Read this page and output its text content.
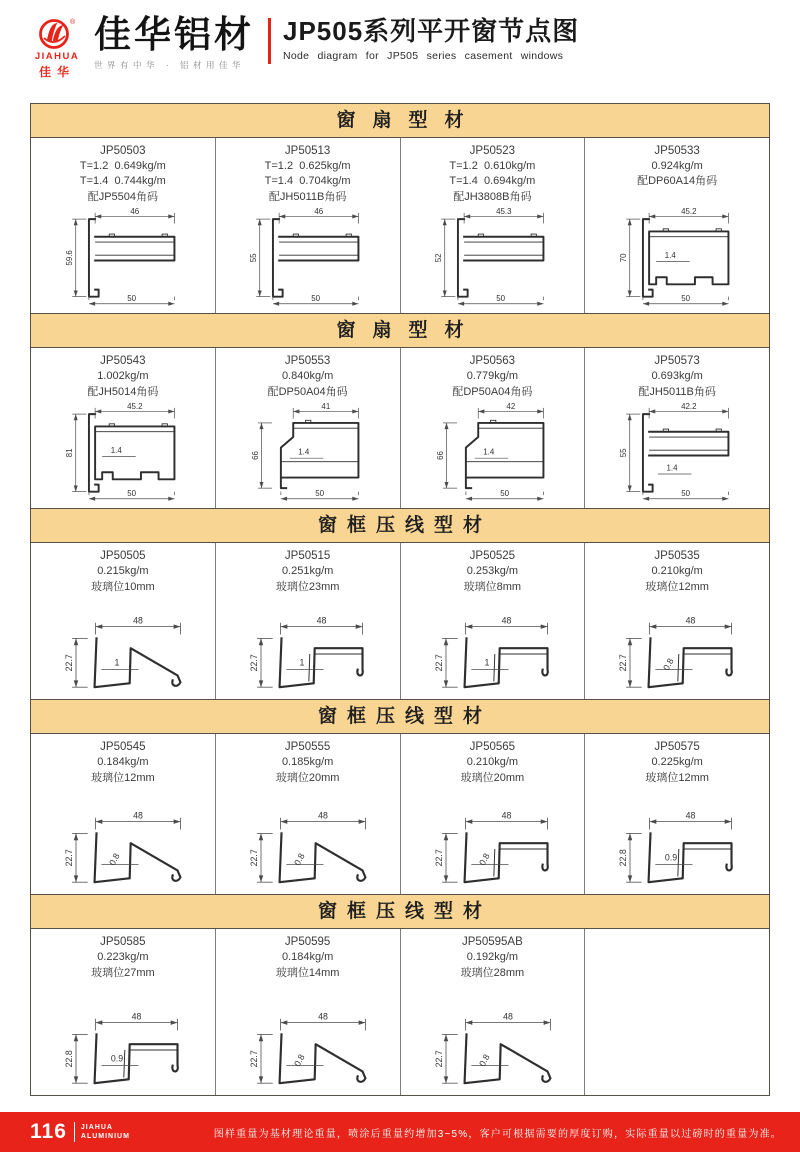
®
JIAHUA
佳华
佳华铝材
世界有中华 · 铝材用佳华
JP505系列平开窗节点图
Node diagram for JP505 series casement windows
窗扇型材
JP50503
T=1.2  0.649kg/m
T=1.4  0.744kg/m
配JP5504角码
46
59.6
50
JP50513
T=1.2  0.625kg/m
T=1.4  0.704kg/m
配JH5011B角码
46
55
50
JP50523
T=1.2  0.610kg/m
T=1.4  0.694kg/m
配JH3808B角码
45.3
52
50
JP50533
0.924kg/m
配DP60A14角码
45.2
70
50
1.4
窗扇型材
JP50543
1.002kg/m
配JH5014角码
45.2
81
50
1.4
JP50553
0.840kg/m
配DP50A04角码
41
66
50
1.4
JP50563
0.779kg/m
配DP50A04角码
42
66
50
1.4
JP50573
0.693kg/m
配JH5011B角码
42.2
55
50
1.4
窗框压线型材
JP50505
0.215kg/m
玻璃位10mm
48
22.7	1
JP50515
0.251kg/m
玻璃位23mm
48
22.7	1
JP50525
0.253kg/m
玻璃位8mm
48
22.7	1
JP50535
0.210kg/m
玻璃位12mm
48
22.7	0.8
窗框压线型材
JP50545
0.184kg/m
玻璃位12mm
48
22.7	0.8
JP50555
0.185kg/m
玻璃位20mm
48
22.7	0.8
JP50565
0.210kg/m
玻璃位20mm
48
22.7	0.8
JP50575
0.225kg/m
玻璃位12mm
48
22.8	0.9
窗框压线型材
JP50585
0.223kg/m
玻璃位27mm
48
22.8	0.9
JP50595
0.184kg/m
玻璃位14mm
48
22.7	0.8
JP50595AB
0.192kg/m
玻璃位28mm
48
22.7	0.8
116 JIAHUA
ALUMINIUM	图样重量为基材理论重量，喷涂后重量约增加3~5%，客户可根据需要的厚度订购，实际重量以过磅时的重量为准。
